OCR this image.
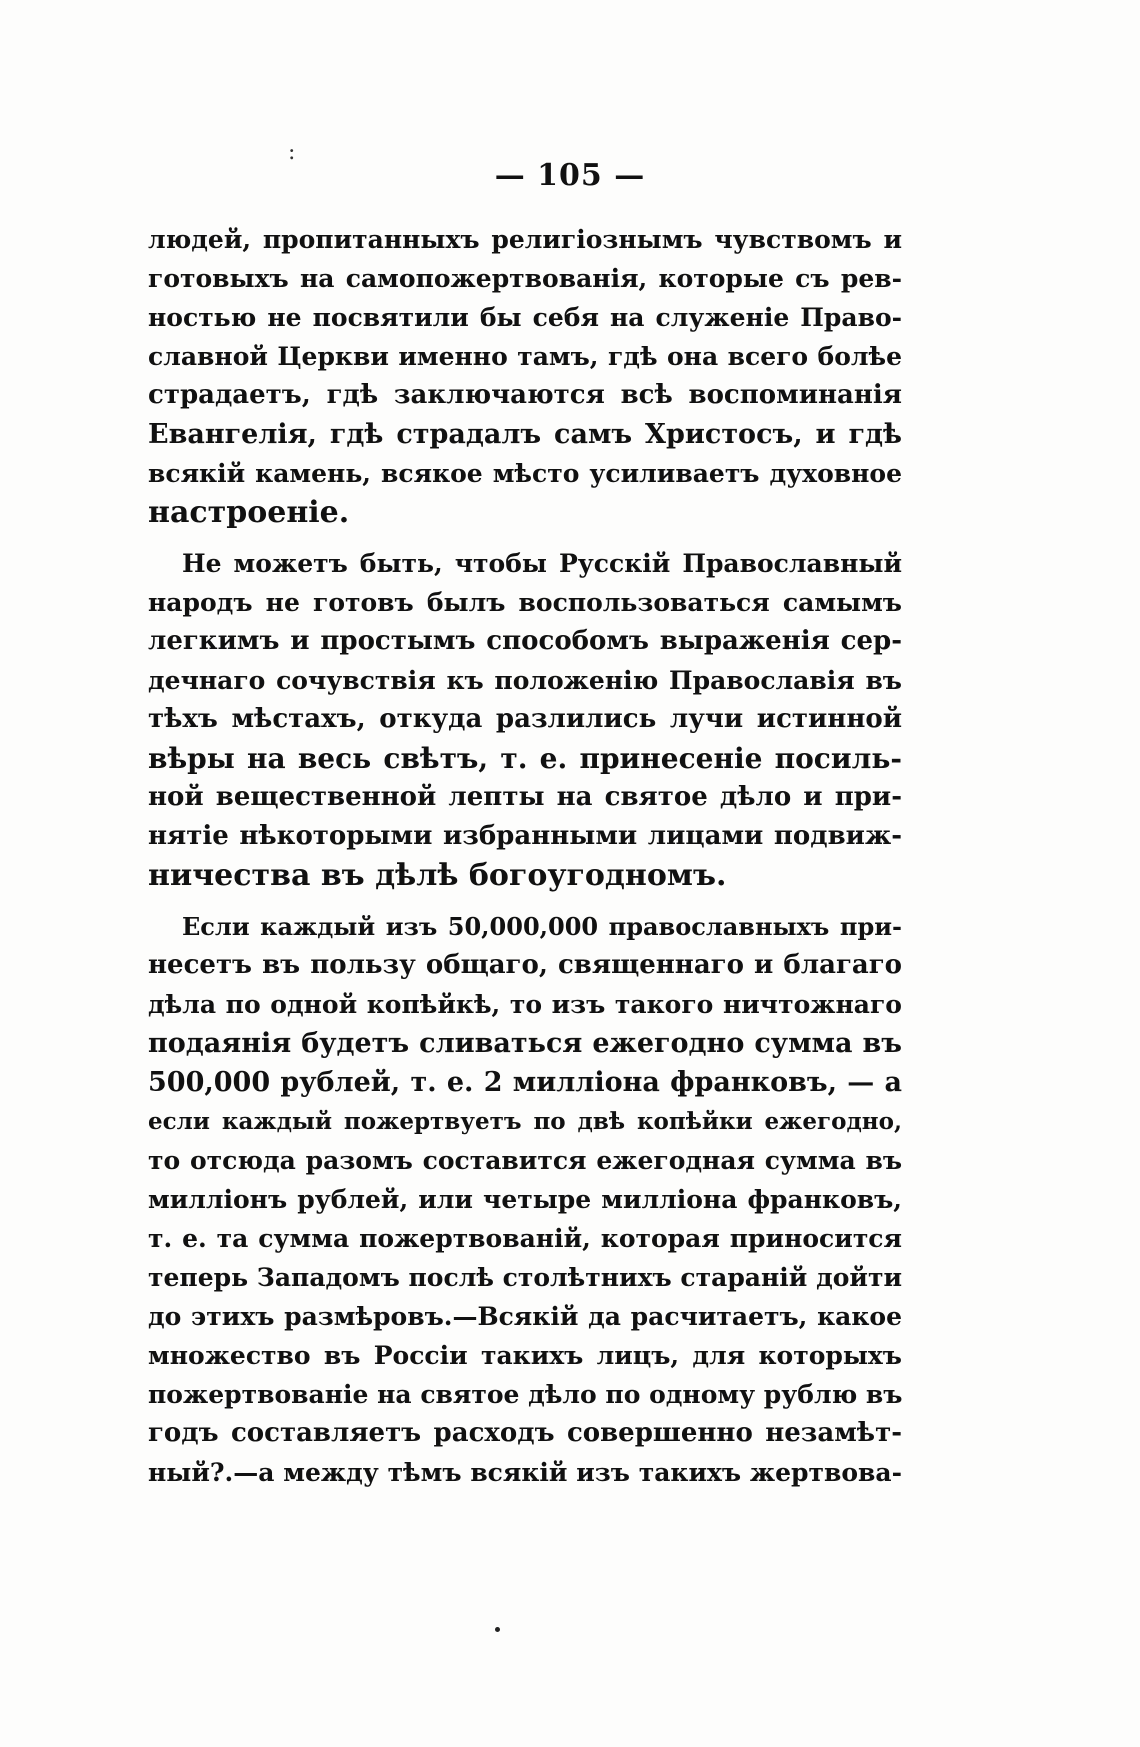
— 105 —
:
людей, пропитанныхъ религіознымъ чувствомъ и
готовыхъ на самопожертвованія, которые съ рев-
ностью не посвятили бы себя на служеніе Право-
славной Церкви именно тамъ, гдѣ она всего болѣе
страдаетъ, гдѣ заключаются всѣ воспоминанія
Евангелія, гдѣ страдалъ самъ Христосъ, и гдѣ
всякій камень, всякое мѣсто усиливаетъ духовное
настроеніе.
Не можетъ быть, чтобы Русскій Православный
народъ не готовъ былъ воспользоваться самымъ
легкимъ и простымъ способомъ выраженія сер-
дечнаго сочувствія къ положенію Православія въ
тѣхъ мѣстахъ, откуда разлились лучи истинной
вѣры на весь свѣтъ, т. е. принесеніе посиль-
ной вещественной лепты на святое дѣло и при-
нятіе нѣкоторыми избранными лицами подвиж-
ничества въ дѣлѣ богоугодномъ.
Если каждый изъ 50,000,000 православныхъ при-
несетъ въ пользу общаго, священнаго и благаго
дѣла по одной копѣйкѣ, то изъ такого ничтожнаго
подаянія будетъ сливаться ежегодно сумма въ
500,000 рублей, т. е. 2 милліона франковъ, — а
если каждый пожертвуетъ по двѣ копѣйки ежегодно,
то отсюда разомъ составится ежегодная сумма въ
милліонъ рублей, или четыре милліона франковъ,
т. е. та сумма пожертвованій, которая приносится
теперь Западомъ послѣ столѣтнихъ стараній дойти
до этихъ размѣровъ.—Всякій да расчитаетъ, какое
множество въ Россіи такихъ лицъ, для которыхъ
пожертвованіе на святое дѣло по одному рублю въ
годъ составляетъ расходъ совершенно незамѣт-
ный?.—а между тѣмъ всякій изъ такихъ жертвова-
